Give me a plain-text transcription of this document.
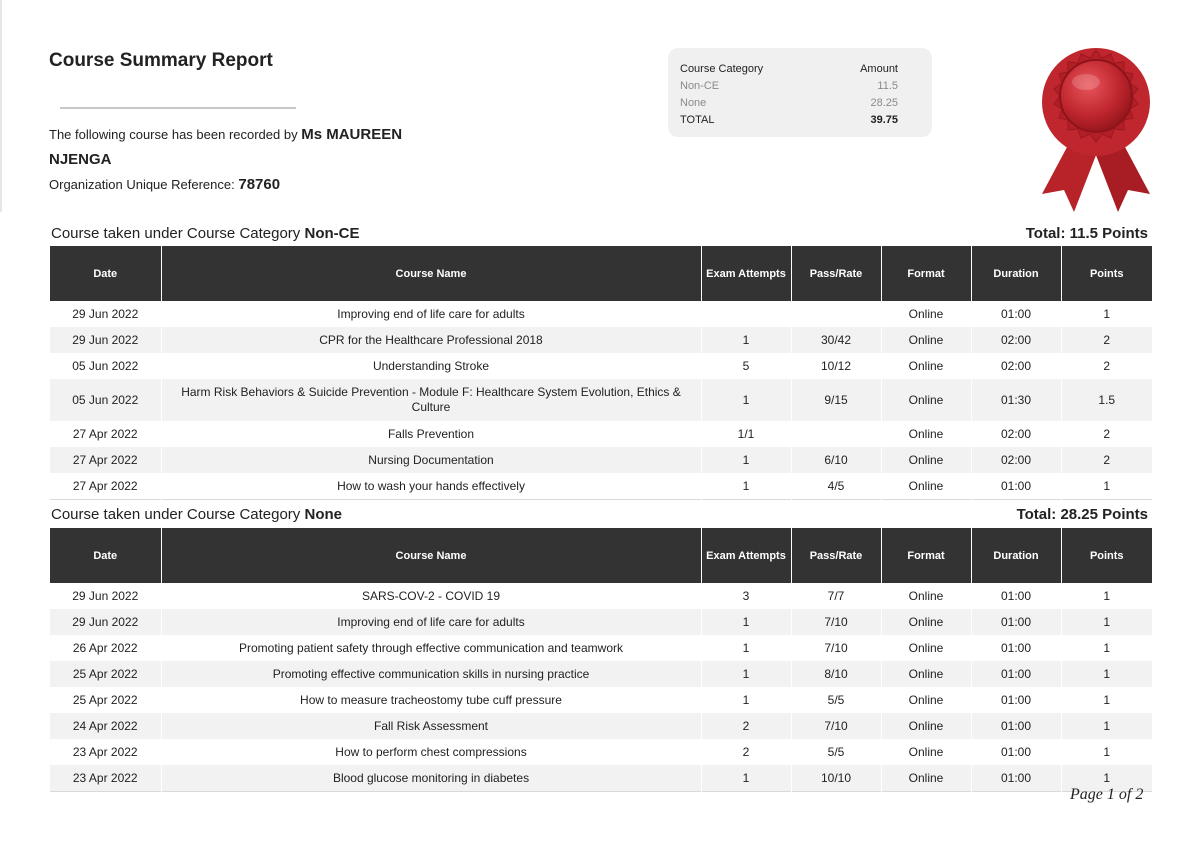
Course Summary Report
The following course has been recorded by Ms MAUREEN
NJENGA
Organization Unique Reference: 78760
Course Category	Amount
Non-CE	11.5
None	28.25
TOTAL	39.75
Course taken under Course Category Non-CE	Total: 11.5 Points
Date	Course Name	Exam Attempts	Pass/Rate	Format	Duration	Points
29 Jun 2022	Improving end of life care for adults			Online	01:00	1
29 Jun 2022	CPR for the Healthcare Professional 2018	1	30/42	Online	02:00	2
05 Jun 2022	Understanding Stroke	5	10/12	Online	02:00	2
05 Jun 2022	Harm Risk Behaviors & Suicide Prevention - Module F: Healthcare System Evolution, Ethics & Culture	1	9/15	Online	01:30	1.5
27 Apr 2022	Falls Prevention	1/1		Online	02:00	2
27 Apr 2022	Nursing Documentation	1	6/10	Online	02:00	2
27 Apr 2022	How to wash your hands effectively	1	4/5	Online	01:00	1
Course taken under Course Category None	Total: 28.25 Points
Date	Course Name	Exam Attempts	Pass/Rate	Format	Duration	Points
29 Jun 2022	SARS-COV-2 - COVID 19	3	7/7	Online	01:00	1
29 Jun 2022	Improving end of life care for adults	1	7/10	Online	01:00	1
26 Apr 2022	Promoting patient safety through effective communication and teamwork	1	7/10	Online	01:00	1
25 Apr 2022	Promoting effective communication skills in nursing practice	1	8/10	Online	01:00	1
25 Apr 2022	How to measure tracheostomy tube cuff pressure	1	5/5	Online	01:00	1
24 Apr 2022	Fall Risk Assessment	2	7/10	Online	01:00	1
23 Apr 2022	How to perform chest compressions	2	5/5	Online	01:00	1
23 Apr 2022	Blood glucose monitoring in diabetes	1	10/10	Online	01:00	1
Page 1 of 2
